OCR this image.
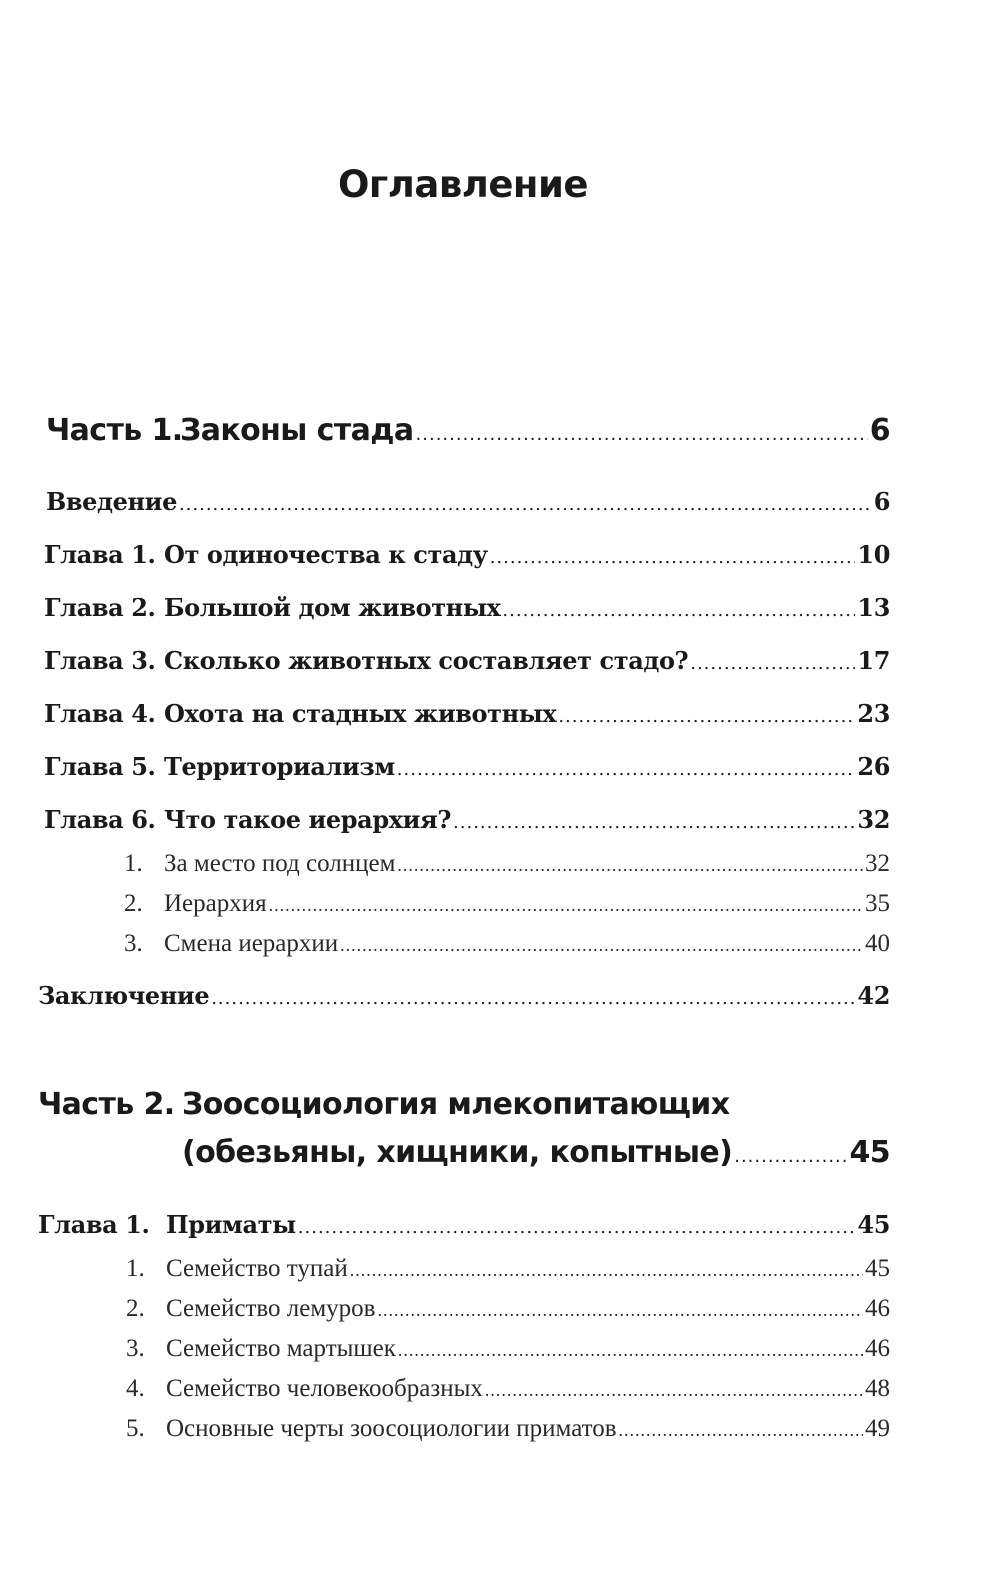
Оглавление
Часть 1.
Законы стада .....	6
Введение .....	6
Глава 1. От одиночества к стаду .....	10
Глава 2. Большой дом животных .....	13
Глава 3. Сколько животных составляет стадо? .....	17
Глава 4. Охота на стадных животных .....	23
Глава 5. Территориализм .....	26
Глава 6. Что такое иерархия? .....	32
1. За место под солнцем .....	32
2. Иерархия .....	35
3. Смена иерархии .....	40
Заключение .....	42
Часть 2. Зоосоциология млекопитающих
(обезьяны, хищники, копытные) .....	45
Глава 1. Приматы .....	45
1. Семейство тупай .....	45
2. Семейство лемуров .....	46
3. Семейство мартышек .....	46
4. Семейство человекообразных .....	48
5. Основные черты зоосоциологии приматов .....	49
